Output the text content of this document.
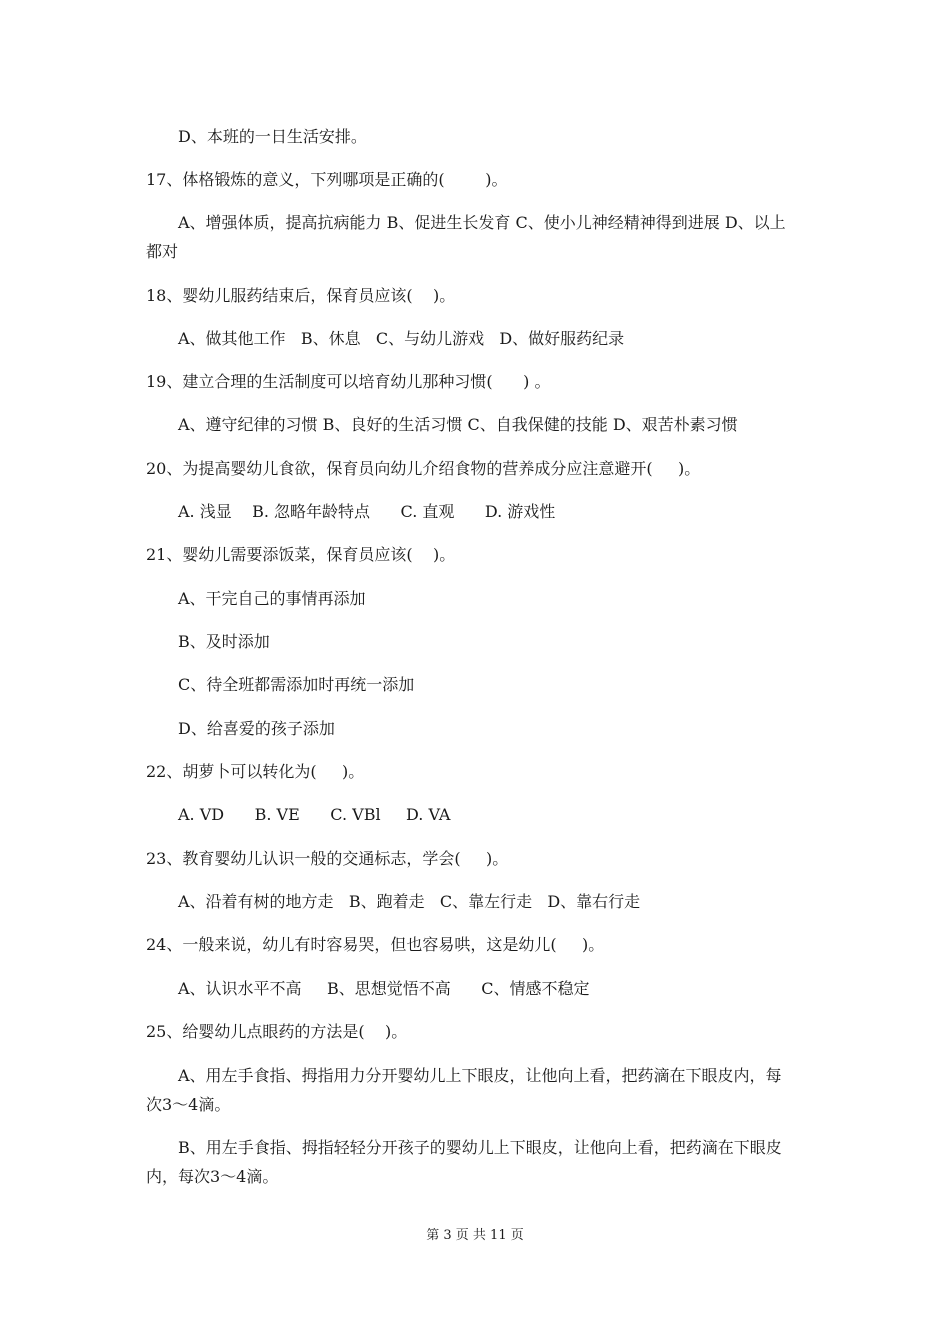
D、本班的一日生活安排。
17、体格锻炼的意义，下列哪项是正确的(        )。
A、增强体质，提高抗病能力 B、促进生长发育 C、使小儿神经精神得到进展 D、以上
都对
18、婴幼儿服药结束后，保育员应该(    )。
A、做其他工作   B、休息   C、与幼儿游戏   D、做好服药纪录
19、建立合理的生活制度可以培育幼儿那种习惯(      ) 。
A、遵守纪律的习惯 B、良好的生活习惯 C、自我保健的技能 D、艰苦朴素习惯
20、为提高婴幼儿食欲，保育员向幼儿介绍食物的营养成分应注意避开(     )。
A. 浅显    B. 忽略年龄特点      C. 直观      D. 游戏性
21、婴幼儿需要添饭菜，保育员应该(    )。
A、干完自己的事情再添加
B、及时添加
C、待全班都需添加时再统一添加
D、给喜爱的孩子添加
22、胡萝卜可以转化为(     )。
A. VD      B. VE      C. VBl     D. VA
23、教育婴幼儿认识一般的交通标志，学会(     )。
A、沿着有树的地方走   B、跑着走   C、靠左行走   D、靠右行走
24、一般来说，幼儿有时容易哭，但也容易哄，这是幼儿(     )。
A、认识水平不高     B、思想觉悟不高      C、情感不稳定
25、给婴幼儿点眼药的方法是(    )。
A、用左手食指、拇指用力分开婴幼儿上下眼皮，让他向上看，把药滴在下眼皮内，每
次3～4滴。
B、用左手食指、拇指轻轻分开孩子的婴幼儿上下眼皮，让他向上看，把药滴在下眼皮
内，每次3～4滴。
第 3 页 共 11 页
